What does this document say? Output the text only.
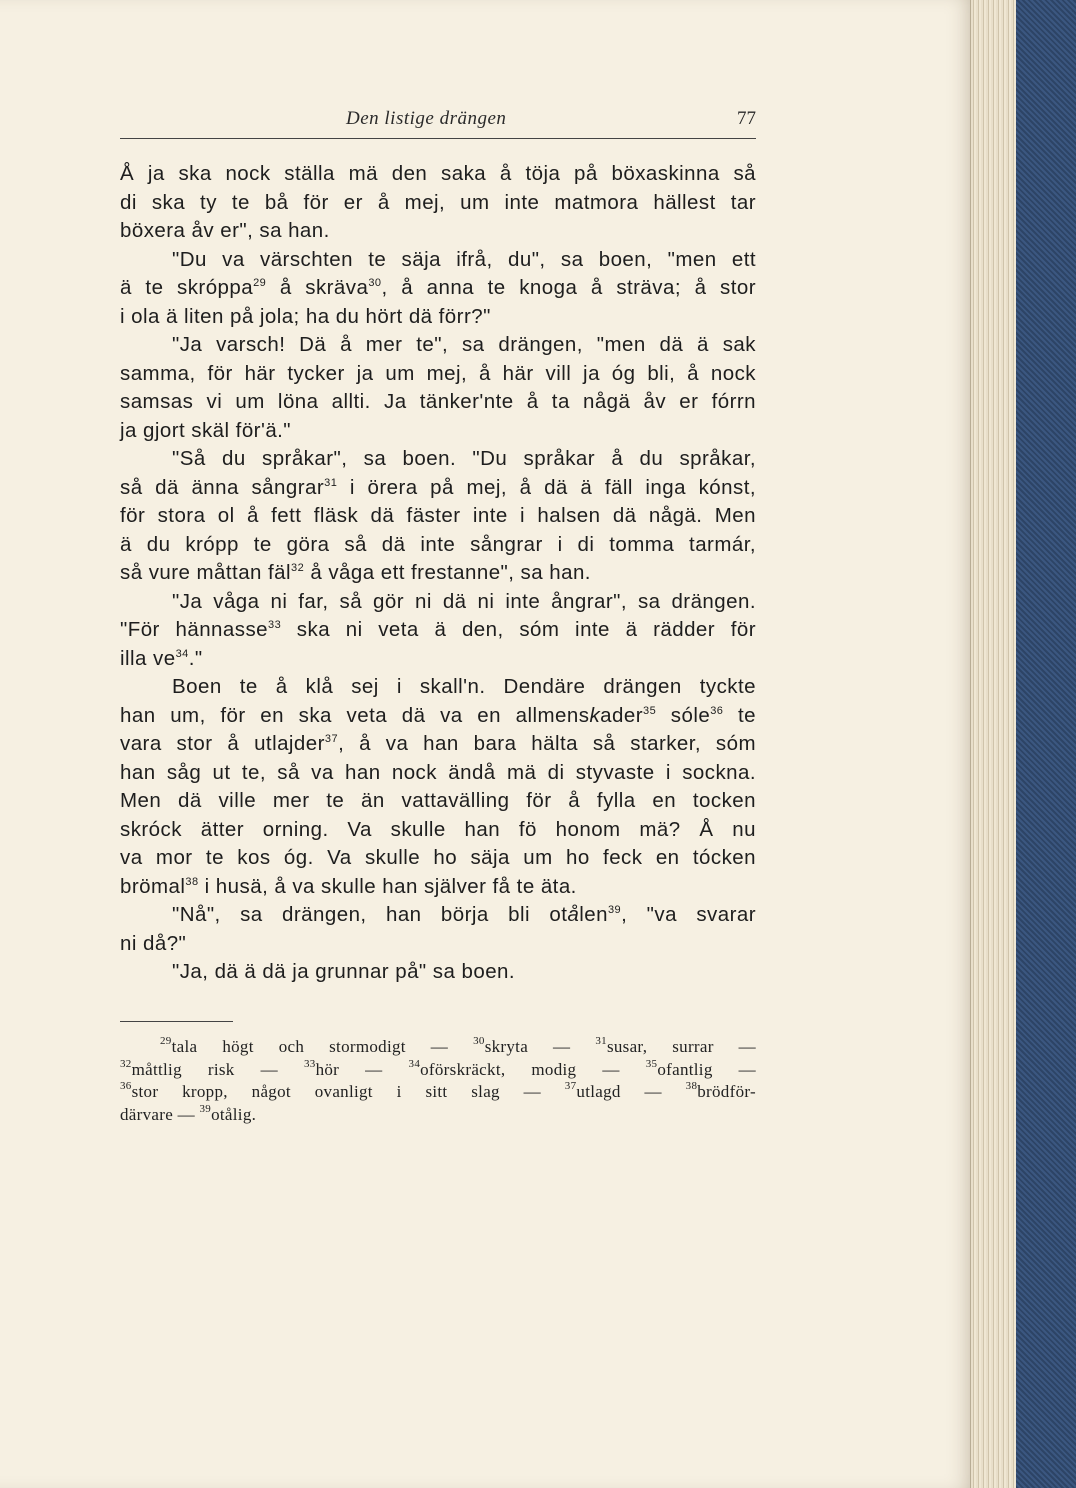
Den listige drängen	77
Å ja ska nock ställa mä den saka å töja på böxaskinna så
di ska ty te bå för er å mej, um inte matmora hällest tar
böxera åv er", sa han.
"Du va värschten te säja ifrå, du", sa boen, "men ett
ä te skróppa$^{29}$ å skräva$^{30}$, å anna te knoga å sträva; å stor
i ola ä liten på jola; ha du hört dä förr?"
"Ja varsch! Dä å mer te", sa drängen, "men dä ä sak
samma, för här tycker ja um mej, å här vill ja óg bli, å nock
samsas vi um löna allti. Ja tänker'nte å ta någä åv er fórrn
ja gjort skäl för'ä."
"Så du språkar", sa boen. "Du språkar å du språkar,
så dä änna sångrar$^{31}$ i örera på mej, å dä ä fäll inga kónst,
för stora ol å fett fläsk dä fäster inte i halsen dä någä. Men
ä du krópp te göra så dä inte sångrar i di tomma tarmár,
så vure måttan fäl$^{32}$ å våga ett frestanne", sa han.
"Ja våga ni far, så gör ni dä ni inte ångrar", sa drängen.
"För hännasse$^{33}$ ska ni veta ä den, sóm inte ä rädder för
illa $ve^{34}$."
Boen te å klå sej i skall'n. Dendäre drängen tyckte
han um, för en ska veta dä va en allmenskader$^{35}$ sóle$^{36}$ te
vara stor å utlajder$^{37}$, å va han bara hälta så starker, sóm
han såg ut te, så va han nock ändå mä di styvaste i sockna.
Men dä ville mer te än vattavälling för å fylla en tocken
skróck ätter orning. Va skulle han fö honom mä? Å nu
va mor te kos óg. Va skulle ho säja um ho feck en tócken
brömal$^{38}$ i husä, å va skulle han själver få te äta.
"Nå", sa drängen, han börja bli otålen$^{39}$, "va svarar
ni då?"
"Ja, dä ä dä ja grunnar på" sa boen.
$^{29}$tala högt och stormodigt — $^{30}$skryta — $^{31}$susar, surrar —
$^{32}$måttlig risk — $^{33}$hör — $^{34}$oförskräckt, modig — $^{35}$ofantlig —
$^{36}$stor kropp, något ovanligt i sitt slag — $^{37}$utlagd — $^{38}$brödför-
därvare — $^{39}$otålig.
